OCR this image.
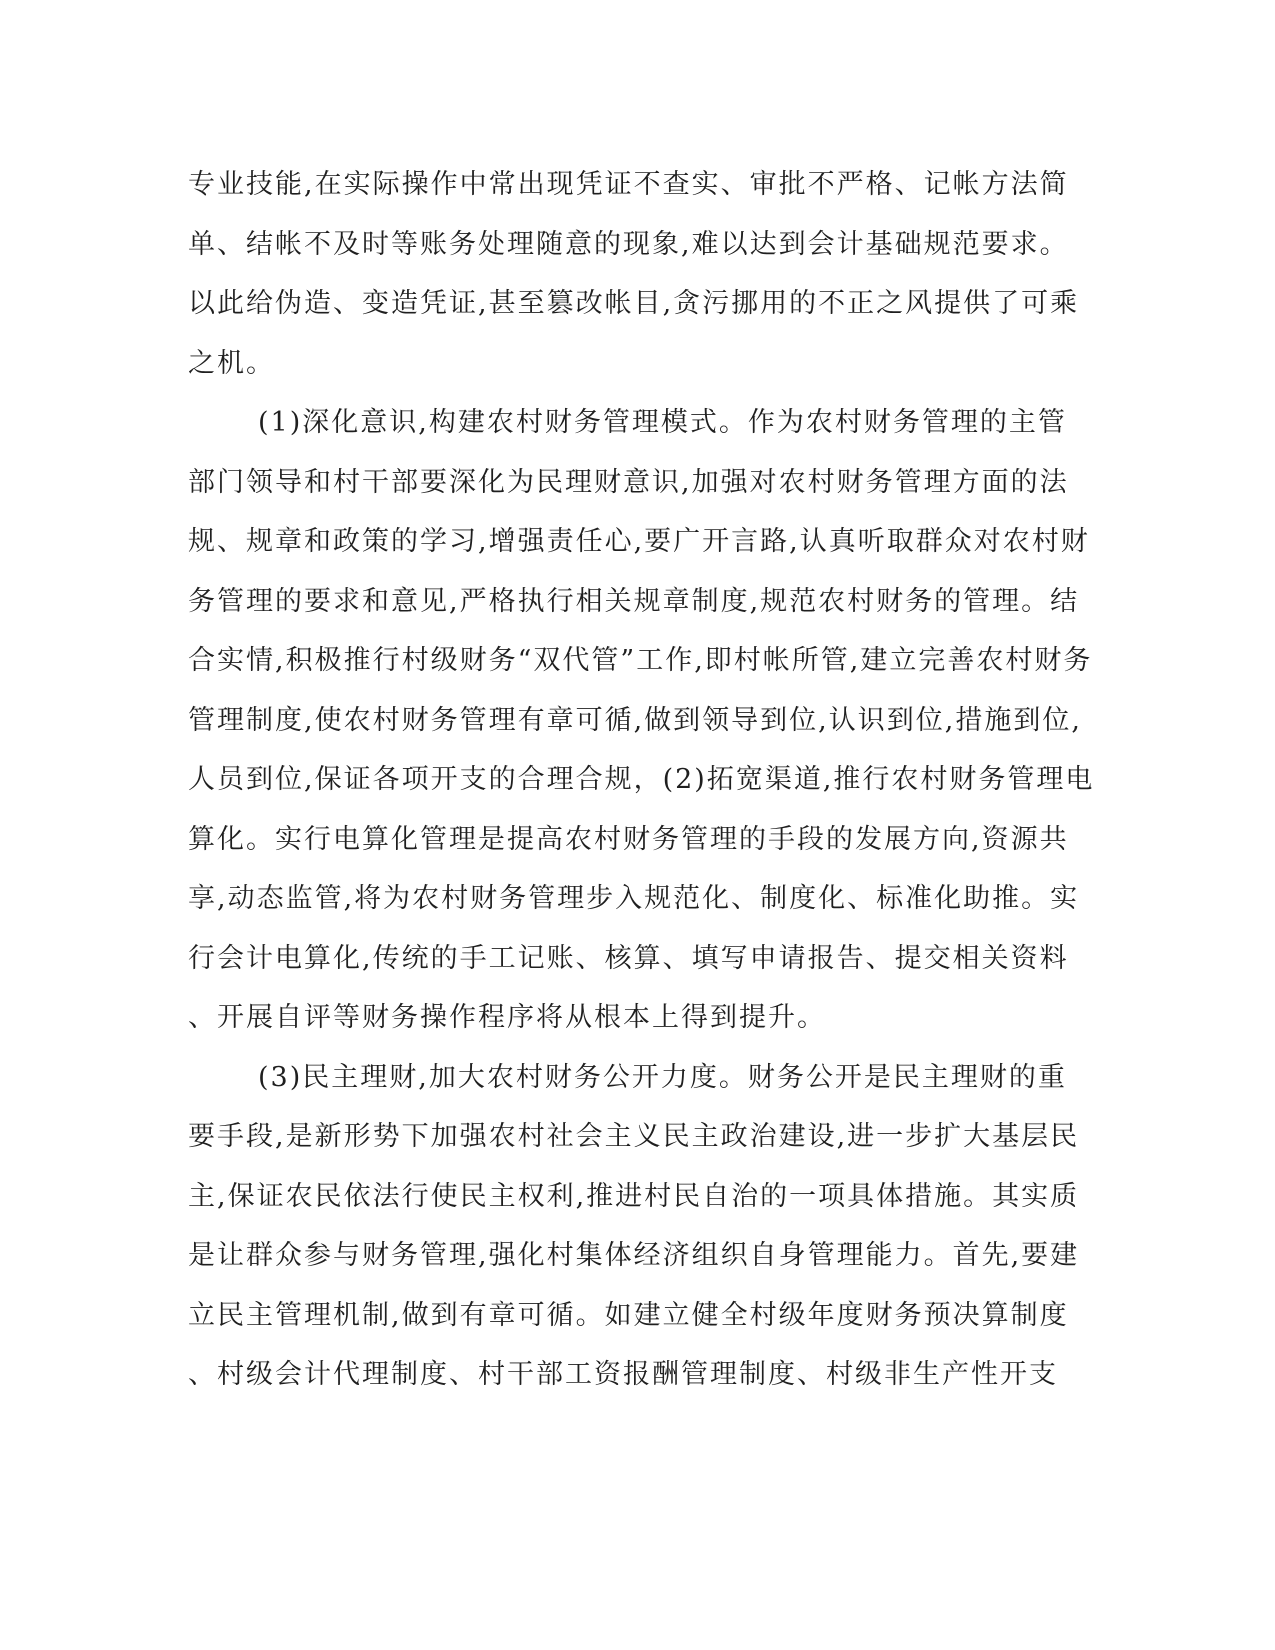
专业技能,在实际操作中常出现凭证不查实、审批不严格、记帐方法简
单、结帐不及时等账务处理随意的现象,难以达到会计基础规范要求。
以此给伪造、变造凭证,甚至篡改帐目,贪污挪用的不正之风提供了可乘
之机。
(1)深化意识,构建农村财务管理模式。作为农村财务管理的主管
部门领导和村干部要深化为民理财意识,加强对农村财务管理方面的法
规、规章和政策的学习,增强责任心,要广开言路,认真听取群众对农村财
务管理的要求和意见,严格执行相关规章制度,规范农村财务的管理。结
合实情,积极推行村级财务“双代管”工作,即村帐所管,建立完善农村财务
管理制度,使农村财务管理有章可循,做到领导到位,认识到位,措施到位,
人员到位,保证各项开支的合理合规，(2)拓宽渠道,推行农村财务管理电
算化。实行电算化管理是提高农村财务管理的手段的发展方向,资源共
享,动态监管,将为农村财务管理步入规范化、制度化、标准化助推。实
行会计电算化,传统的手工记账、核算、填写申请报告、提交相关资料
、开展自评等财务操作程序将从根本上得到提升。
(3)民主理财,加大农村财务公开力度。财务公开是民主理财的重
要手段,是新形势下加强农村社会主义民主政治建设,进一步扩大基层民
主,保证农民依法行使民主权利,推进村民自治的一项具体措施。其实质
是让群众参与财务管理,强化村集体经济组织自身管理能力。首先,要建
立民主管理机制,做到有章可循。如建立健全村级年度财务预决算制度
、村级会计代理制度、村干部工资报酬管理制度、村级非生产性开支
